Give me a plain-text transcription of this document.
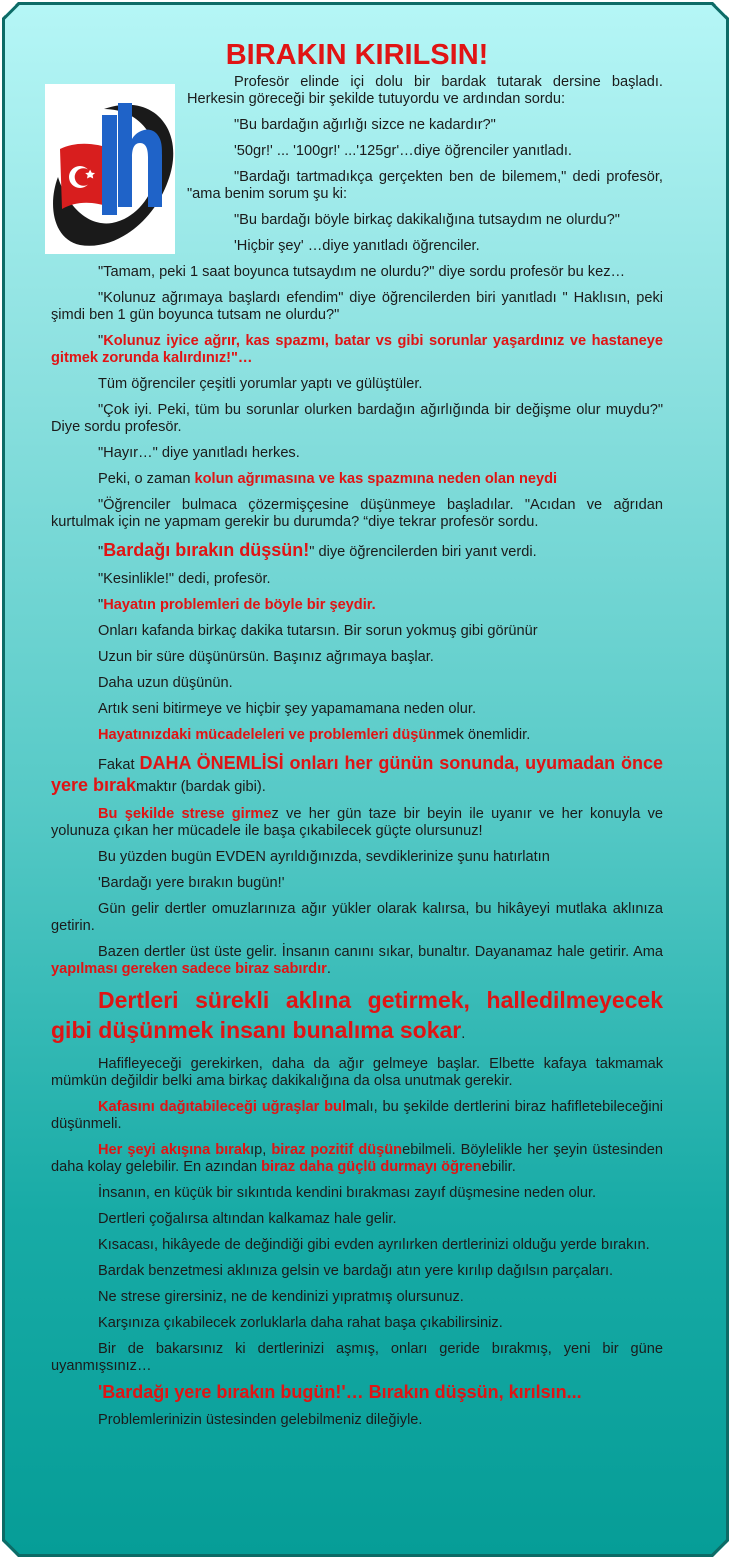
BIRAKIN KIRILSIN!

Profesör elinde içi dolu bir bardak tutarak dersine başladı. Herkesin göreceği bir şekilde tutuyordu ve ardından sordu:

"Bu bardağın ağırlığı sizce ne kadardır?"

'50gr!' ... '100gr!' ...'125gr'…diye öğrenciler yanıtladı.

"Bardağı tartmadıkça gerçekten ben de bilemem," dedi profesör, "ama benim sorum şu ki:

"Bu bardağı böyle birkaç dakikalığına tutsaydım ne olurdu?"

'Hiçbir şey' …diye yanıtladı öğrenciler.

"Tamam, peki 1 saat boyunca tutsaydım ne olurdu?" diye sordu profesör bu kez…

"Kolunuz ağrımaya başlardı efendim" diye öğrencilerden biri yanıtladı " Haklısın, peki şimdi ben 1 gün boyunca tutsam ne olurdu?"

"Kolunuz iyice ağrır, kas spazmı, batar vs gibi sorunlar yaşardınız ve hastaneye gitmek zorunda kalırdınız!"…

Tüm öğrenciler çeşitli yorumlar yaptı ve gülüştüler.

"Çok iyi. Peki, tüm bu sorunlar olurken bardağın ağırlığında bir değişme olur muydu?" Diye sordu profesör.

"Hayır…" diye yanıtladı herkes.

Peki, o zaman kolun ağrımasına ve kas spazmına neden olan neydi

"Öğrenciler bulmaca çözermişçesine düşünmeye başladılar. "Acıdan ve ağrıdan kurtulmak için ne yapmam gerekir bu durumda? “diye tekrar profesör sordu.

"Bardağı bırakın düşsün!" diye öğrencilerden biri yanıt verdi.

"Kesinlikle!" dedi, profesör.

"Hayatın problemleri de böyle bir şeydir.

Onları kafanda birkaç dakika tutarsın. Bir sorun yokmuş gibi görünür

Uzun bir süre düşünürsün. Başınız ağrımaya başlar.

Daha uzun düşünün.

Artık seni bitirmeye ve hiçbir şey yapamamana neden olur.

Hayatınızdaki mücadeleleri ve problemleri düşünmek önemlidir.

Fakat DAHA ÖNEMLİSİ onları her günün sonunda, uyumadan önce yere bırakmaktır (bardak gibi).

Bu şekilde strese girmez ve her gün taze bir beyin ile uyanır ve her konuyla ve yolunuza çıkan her mücadele ile başa çıkabilecek güçte olursunuz!

Bu yüzden bugün EVDEN ayrıldığınızda, sevdiklerinize şunu hatırlatın

'Bardağı yere bırakın bugün!'

Gün gelir dertler omuzlarınıza ağır yükler olarak kalırsa, bu hikâyeyi mutlaka aklınıza getirin.

Bazen dertler üst üste gelir. İnsanın canını sıkar, bunaltır. Dayanamaz hale getirir. Ama yapılması gereken sadece biraz sabırdır.

Dertleri sürekli aklına getirmek, halledilmeyecek gibi düşünmek insanı bunalıma sokar.

Hafifleyeceği gerekirken, daha da ağır gelmeye başlar. Elbette kafaya takmamak mümkün değildir belki ama birkaç dakikalığına da olsa unutmak gerekir.

Kafasını dağıtabileceği uğraşlar bulmalı, bu şekilde dertlerini biraz hafifletebileceğini düşünmeli.

Her şeyi akışına bırakıp, biraz pozitif düşünebilmeli. Böylelikle her şeyin üstesinden daha kolay gelebilir. En azından biraz daha güçlü durmayı öğrenebilir.

İnsanın, en küçük bir sıkıntıda kendini bırakması zayıf düşmesine neden olur.

Dertleri çoğalırsa altından kalkamaz hale gelir.

Kısacası, hikâyede de değindiği gibi evden ayrılırken dertlerinizi olduğu yerde bırakın.

Bardak benzetmesi aklınıza gelsin ve bardağı atın yere kırılıp dağılsın parçaları.

Ne strese girersiniz, ne de kendinizi yıpratmış olursunuz.

Karşınıza çıkabilecek zorluklarla daha rahat başa çıkabilirsiniz.

Bir de bakarsınız ki dertlerinizi aşmış, onları geride bırakmış, yeni bir güne uyanmışsınız…

'Bardağı yere bırakın bugün!'… Bırakın düşsün, kırılsın...

Problemlerinizin üstesinden gelebilmeniz dileğiyle.
